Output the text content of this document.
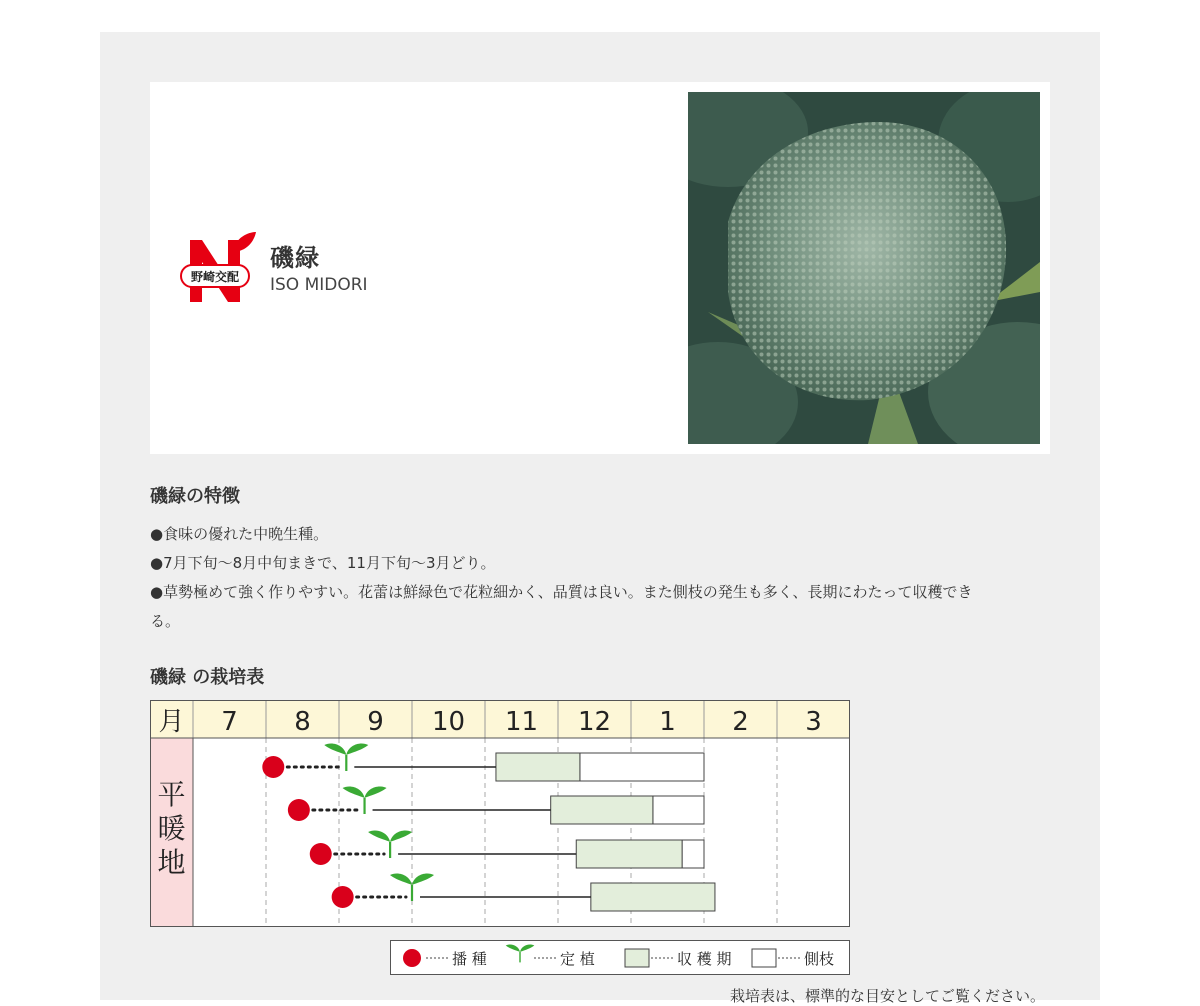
野崎交配
磯緑
ISO MIDORI
磯緑の特徴
●食味の優れた中晩生種。
●7月下旬〜8月中旬まきで、11月下旬〜3月どり。
●草勢極めて強く作りやすい。花蕾は鮮緑色で花粒細かく、品質は良い。また側枝の発生も多く、長期にわたって収穫でき
る。
磯緑 の栽培表
月 7 8 9 10 11 12 1 2 3
平
暖
地
播 種	定 植	収 穫 期	側枝
栽培表は、標準的な目安としてご覧ください。
